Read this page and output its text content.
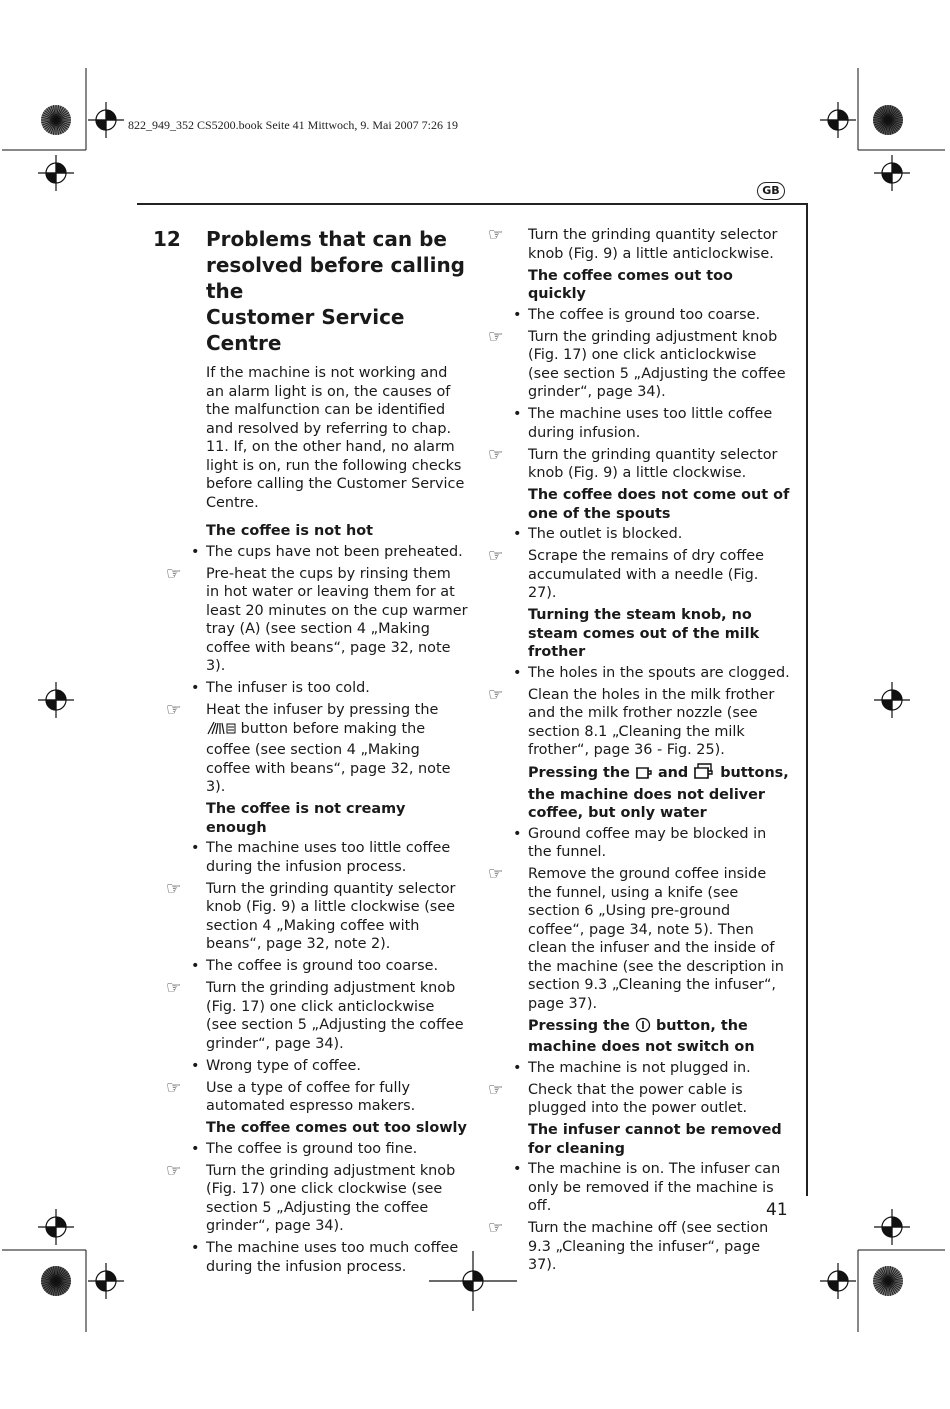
822_949_352 CS5200.book Seite 41 Mittwoch, 9. Mai 2007 7:26 19
GB
12 Problems that can be
resolved before calling the
Customer Service Centre

If the machine is not working and an alarm light is on, the causes of the malfunction can be identified and resolved by referring to chap. 11. If, on the other hand, no alarm light is on, run the following checks before calling the Customer Service Centre.

The coffee is not hot
• The cups have not been preheated.
☞ Pre-heat the cups by rinsing them in hot water or leaving them for at least 20 minutes on the cup warmer tray (A) (see section 4 „Making coffee with beans“, page 32, note 3).
• The infuser is too cold.
☞ Heat the infuser by pressing the  button before making the coffee (see section 4 „Making coffee with beans“, page 32, note 3).
The coffee is not creamy enough
• The machine uses too little coffee during the infusion process.
☞ Turn the grinding quantity selector knob (Fig. 9) a little clockwise (see section 4 „Making coffee with beans“, page 32, note 2).
• The coffee is ground too coarse.
☞ Turn the grinding adjustment knob (Fig. 17) one click anticlockwise (see section 5 „Adjusting the coffee grinder“, page 34).
• Wrong type of coffee.
☞ Use a type of coffee for fully automated espresso makers.
The coffee comes out too slowly
• The coffee is ground too fine.
☞ Turn the grinding adjustment knob (Fig. 17) one click clockwise (see section 5 „Adjusting the coffee grinder“, page 34).
• The machine uses too much coffee during the infusion process.
☞ Turn the grinding quantity selector knob (Fig. 9) a little anticlockwise.
The coffee comes out too quickly
• The coffee is ground too coarse.
☞ Turn the grinding adjustment knob (Fig. 17) one click anticlockwise (see section 5 „Adjusting the coffee grinder“, page 34).
• The machine uses too little coffee during infusion.
☞ Turn the grinding quantity selector knob (Fig. 9) a little clockwise.
The coffee does not come out of one of the spouts
• The outlet is blocked.
☞ Scrape the remains of dry coffee accumulated with a needle (Fig. 27).
Turning the steam knob, no steam comes out of the milk frother
• The holes in the spouts are clogged.
☞ Clean the holes in the milk frother and the milk frother nozzle (see section 8.1 „Cleaning the milk frother“, page 36 - Fig. 25).
Pressing the and buttons, the machine does not deliver coffee, but only water
• Ground coffee may be blocked in the funnel.
☞ Remove the ground coffee inside the funnel, using a knife (see section 6 „Using pre-ground coffee“, page 34, note 5). Then clean the infuser and the inside of the machine (see the description in section 9.3 „Cleaning the infuser“, page 37).
Pressing the button, the machine does not switch on
• The machine is not plugged in.
☞ Check that the power cable is plugged into the power outlet.
The infuser cannot be removed for cleaning
• The machine is on. The infuser can only be removed if the machine is off.
☞ Turn the machine off (see section 9.3 „Cleaning the infuser“, page 37).
41
